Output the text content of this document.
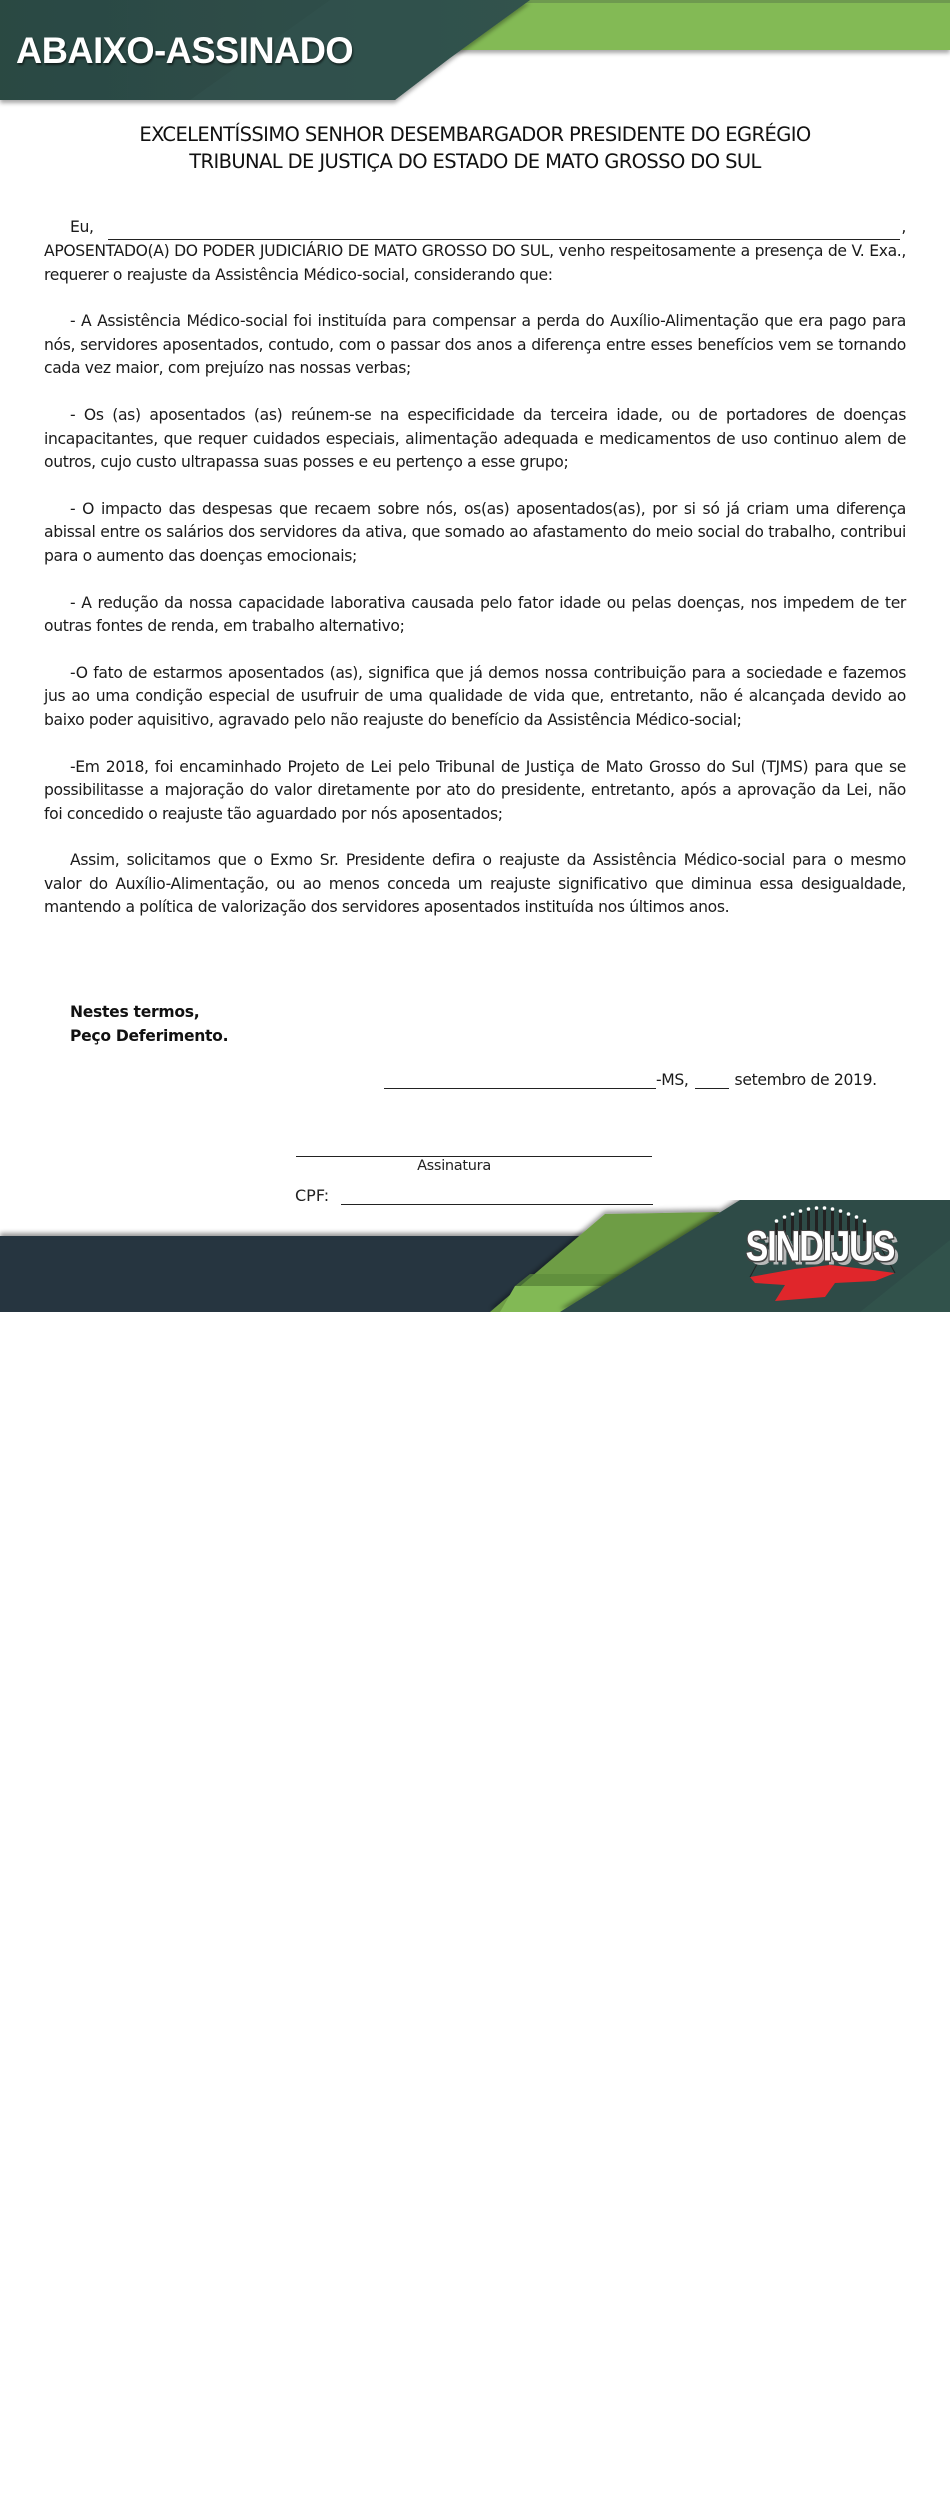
ABAIXO-ASSINADO
EXCELENTÍSSIMO SENHOR DESEMBARGADOR PRESIDENTE DO EGRÉGIO
TRIBUNAL DE JUSTIÇA DO ESTADO DE MATO GROSSO DO SUL
Eu,	,

APOSENTADO(A) DO PODER JUDICIÁRIO DE MATO GROSSO DO SUL, venho respeitosamente a presença de V. Exa., requerer o reajuste da Assistência Médico-social, considerando que:

- A Assistência Médico-social foi instituída para compensar a perda do Auxílio-Alimentação que era pago para nós, servidores aposentados, contudo, com o passar dos anos a diferença entre esses benefícios vem se tornando cada vez maior, com prejuízo nas nossas verbas;

- Os (as) aposentados (as) reúnem-se na especificidade da terceira idade, ou de portadores de doenças incapacitantes, que requer cuidados especiais, alimentação adequada e medicamentos de uso continuo alem de outros, cujo custo ultrapassa suas posses e eu pertenço a esse grupo;

- O impacto das despesas que recaem sobre nós, os(as) aposentados(as), por si só já criam uma diferença abissal entre os salários dos servidores da ativa, que somado ao afastamento do meio social do trabalho, contribui para o aumento das doenças emocionais;

- A redução da nossa capacidade laborativa causada pelo fator idade ou pelas doenças, nos impedem de ter outras fontes de renda, em trabalho alternativo;

-O fato de estarmos aposentados (as), significa que já demos nossa contribuição para a sociedade e fazemos jus ao uma condição especial de usufruir de uma qualidade de vida que, entretanto, não é alcançada devido ao baixo poder aquisitivo, agravado pelo não reajuste do benefício da Assistência Médico-social;

-Em 2018, foi encaminhado Projeto de Lei pelo Tribunal de Justiça de Mato Grosso do Sul (TJMS) para que se possibilitasse a majoração do valor diretamente por ato do presidente, entretanto, após a aprovação da Lei, não foi concedido o reajuste tão aguardado por nós aposentados;

Assim, solicitamos que o Exmo Sr. Presidente defira o reajuste da Assistência Médico-social para o mesmo valor do Auxílio-Alimentação, ou ao menos conceda um reajuste significativo que diminua essa desigualdade, mantendo a política de valorização dos servidores aposentados instituída nos últimos anos.

Nestes termos,
Peço Deferimento.
-MS,	setembro de 2019.
Assinatura
CPF:
Sindicato dos Trabalhadores do Poder Judiciário
de Mato Grosso do Sul (SINDIJUS-MS
SINDIJUS
